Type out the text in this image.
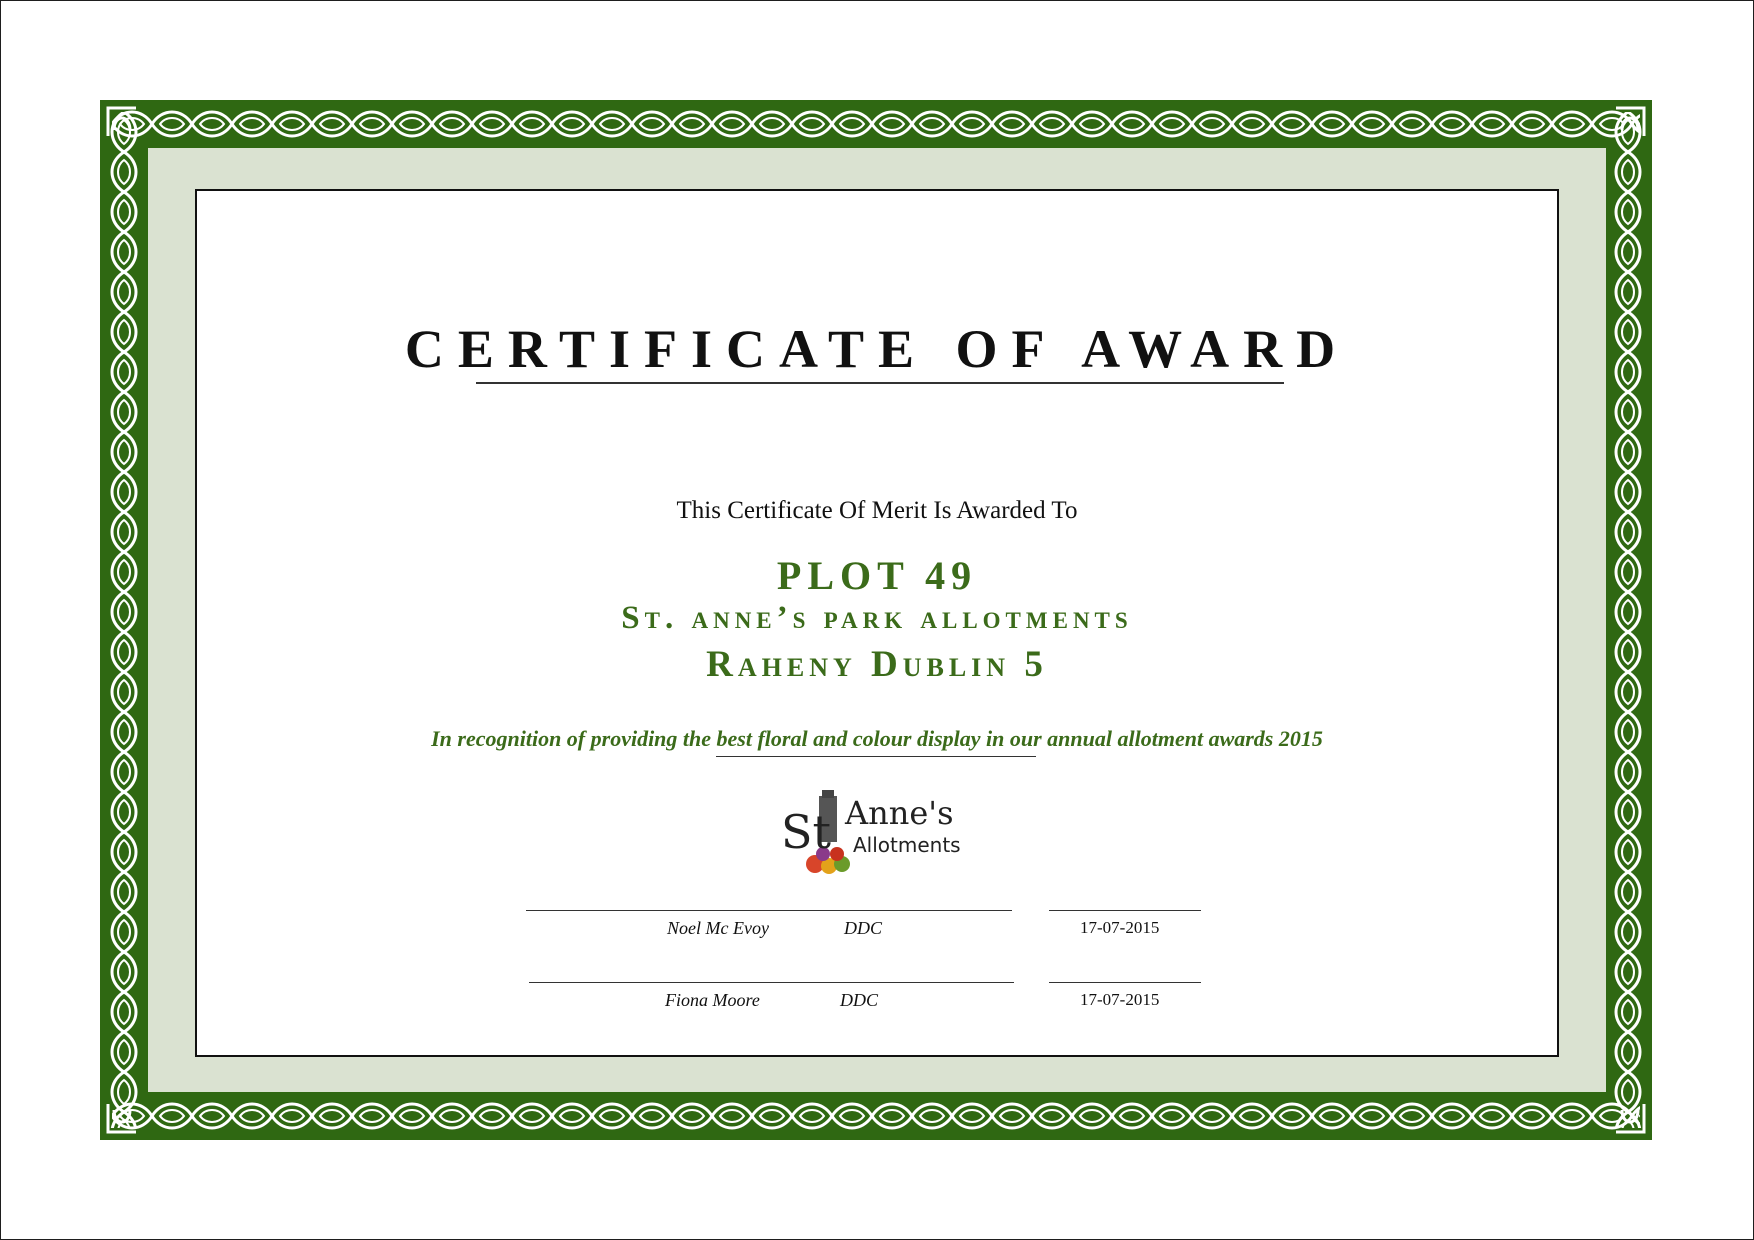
CERTIFICATE OF AWARD
This Certificate Of Merit Is Awarded To
PLOT 49
St. anne’s park allotments
Raheny Dublin 5
In recognition of providing the best floral and colour display in our annual allotment awards 2015
St Anne's
Allotments
Noel Mc Evoy	DDC	17-07-2015
Fiona Moore	DDC	17-07-2015
